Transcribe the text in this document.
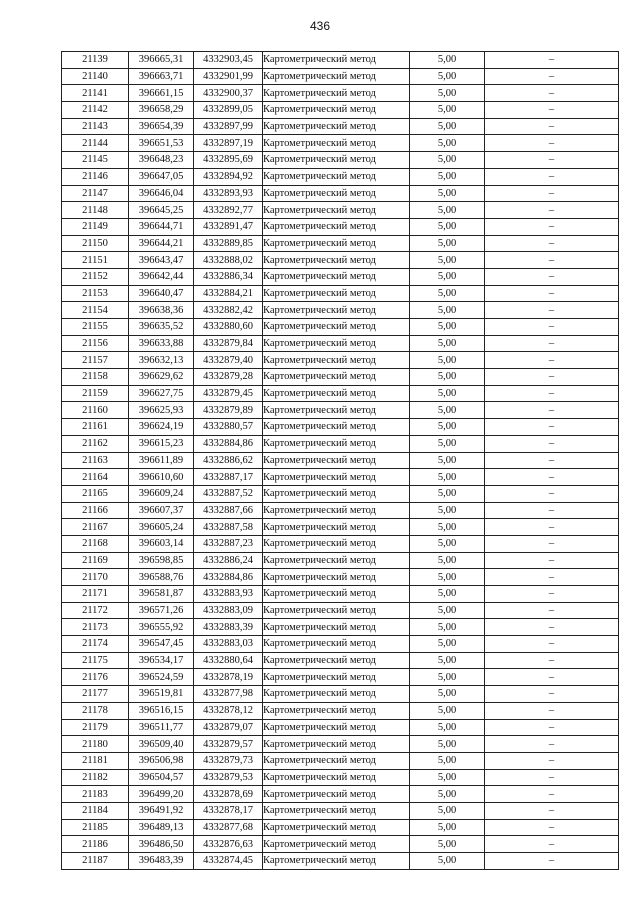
436
21139	396665,31	4332903,45	Картометрический метод	5,00	–
21140	396663,71	4332901,99	Картометрический метод	5,00	–
21141	396661,15	4332900,37	Картометрический метод	5,00	–
21142	396658,29	4332899,05	Картометрический метод	5,00	–
21143	396654,39	4332897,99	Картометрический метод	5,00	–
21144	396651,53	4332897,19	Картометрический метод	5,00	–
21145	396648,23	4332895,69	Картометрический метод	5,00	–
21146	396647,05	4332894,92	Картометрический метод	5,00	–
21147	396646,04	4332893,93	Картометрический метод	5,00	–
21148	396645,25	4332892,77	Картометрический метод	5,00	–
21149	396644,71	4332891,47	Картометрический метод	5,00	–
21150	396644,21	4332889,85	Картометрический метод	5,00	–
21151	396643,47	4332888,02	Картометрический метод	5,00	–
21152	396642,44	4332886,34	Картометрический метод	5,00	–
21153	396640,47	4332884,21	Картометрический метод	5,00	–
21154	396638,36	4332882,42	Картометрический метод	5,00	–
21155	396635,52	4332880,60	Картометрический метод	5,00	–
21156	396633,88	4332879,84	Картометрический метод	5,00	–
21157	396632,13	4332879,40	Картометрический метод	5,00	–
21158	396629,62	4332879,28	Картометрический метод	5,00	–
21159	396627,75	4332879,45	Картометрический метод	5,00	–
21160	396625,93	4332879,89	Картометрический метод	5,00	–
21161	396624,19	4332880,57	Картометрический метод	5,00	–
21162	396615,23	4332884,86	Картометрический метод	5,00	–
21163	396611,89	4332886,62	Картометрический метод	5,00	–
21164	396610,60	4332887,17	Картометрический метод	5,00	–
21165	396609,24	4332887,52	Картометрический метод	5,00	–
21166	396607,37	4332887,66	Картометрический метод	5,00	–
21167	396605,24	4332887,58	Картометрический метод	5,00	–
21168	396603,14	4332887,23	Картометрический метод	5,00	–
21169	396598,85	4332886,24	Картометрический метод	5,00	–
21170	396588,76	4332884,86	Картометрический метод	5,00	–
21171	396581,87	4332883,93	Картометрический метод	5,00	–
21172	396571,26	4332883,09	Картометрический метод	5,00	–
21173	396555,92	4332883,39	Картометрический метод	5,00	–
21174	396547,45	4332883,03	Картометрический метод	5,00	–
21175	396534,17	4332880,64	Картометрический метод	5,00	–
21176	396524,59	4332878,19	Картометрический метод	5,00	–
21177	396519,81	4332877,98	Картометрический метод	5,00	–
21178	396516,15	4332878,12	Картометрический метод	5,00	–
21179	396511,77	4332879,07	Картометрический метод	5,00	–
21180	396509,40	4332879,57	Картометрический метод	5,00	–
21181	396506,98	4332879,73	Картометрический метод	5,00	–
21182	396504,57	4332879,53	Картометрический метод	5,00	–
21183	396499,20	4332878,69	Картометрический метод	5,00	–
21184	396491,92	4332878,17	Картометрический метод	5,00	–
21185	396489,13	4332877,68	Картометрический метод	5,00	–
21186	396486,50	4332876,63	Картометрический метод	5,00	–
21187	396483,39	4332874,45	Картометрический метод	5,00	–
